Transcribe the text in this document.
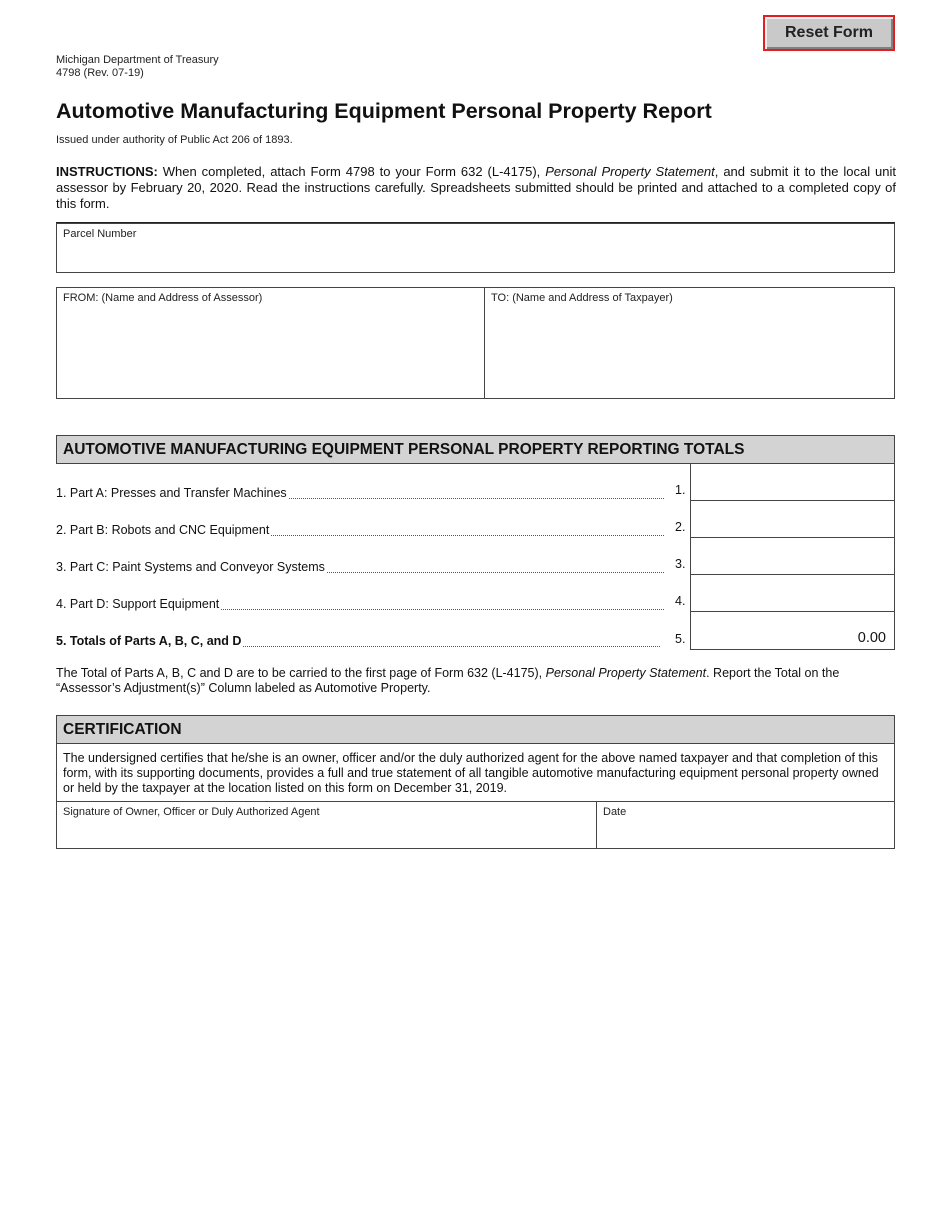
Reset Form
Michigan Department of Treasury
4798 (Rev. 07-19)
Automotive Manufacturing Equipment Personal Property Report
Issued under authority of Public Act 206 of 1893.
INSTRUCTIONS: When completed, attach Form 4798 to your Form 632 (L-4175), Personal Property Statement, and submit it to the local unit assessor by February 20, 2020. Read the instructions carefully. Spreadsheets submitted should be printed and attached to a completed copy of this form.
Parcel Number
FROM: (Name and Address of Assessor)	TO: (Name and Address of Taxpayer)
AUTOMOTIVE MANUFACTURING EQUIPMENT PERSONAL PROPERTY REPORTING TOTALS
1. Part A: Presses and Transfer Machines	1.
2. Part B: Robots and CNC Equipment	2.
3. Part C: Paint Systems and Conveyor Systems	3.
4. Part D: Support Equipment	4.
5. Totals of Parts A, B, C, and D	5.	0.00
The Total of Parts A, B, C and D are to be carried to the first page of Form 632 (L-4175), Personal Property Statement. Report the Total on the “Assessor’s Adjustment(s)” Column labeled as Automotive Property.
CERTIFICATION
The undersigned certifies that he/she is an owner, officer and/or the duly authorized agent for the above named taxpayer and that completion of this form, with its supporting documents, provides a full and true statement of all tangible automotive manufacturing equipment personal property owned or held by the taxpayer at the location listed on this form on December 31, 2019.
Signature of Owner, Officer or Duly Authorized Agent	Date
